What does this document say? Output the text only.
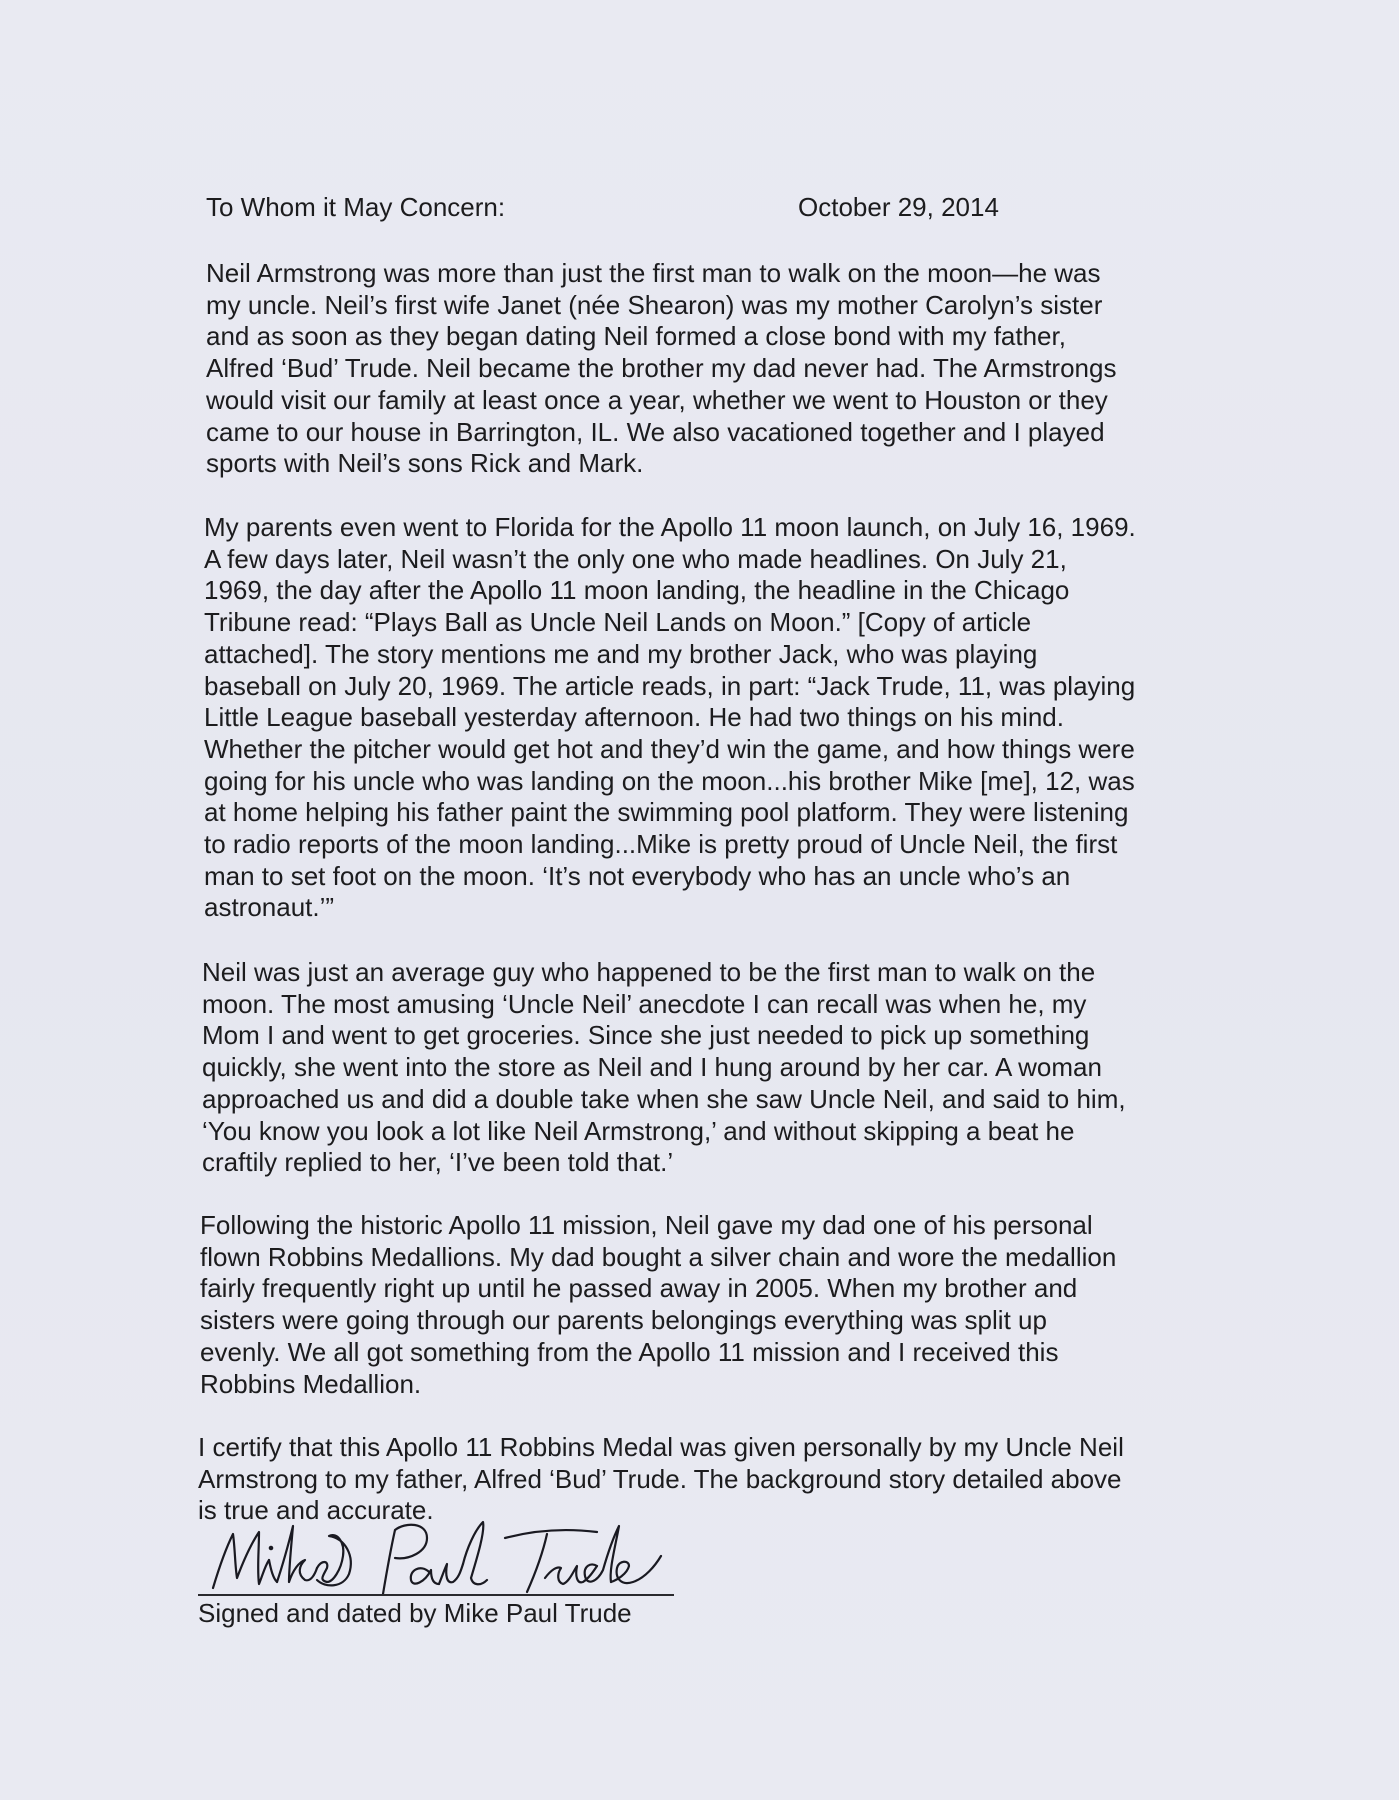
To Whom it May Concern:	October 29, 2014

Neil Armstrong was more than just the first man to walk on the moon—he was
my uncle. Neil’s first wife Janet (née Shearon) was my mother Carolyn’s sister
and as soon as they began dating Neil formed a close bond with my father,
Alfred ‘Bud’ Trude. Neil became the brother my dad never had. The Armstrongs
would visit our family at least once a year, whether we went to Houston or they
came to our house in Barrington, IL. We also vacationed together and I played
sports with Neil’s sons Rick and Mark.

My parents even went to Florida for the Apollo 11 moon launch, on July 16, 1969.
A few days later, Neil wasn’t the only one who made headlines. On July 21,
1969, the day after the Apollo 11 moon landing, the headline in the Chicago
Tribune read: “Plays Ball as Uncle Neil Lands on Moon.” [Copy of article
attached]. The story mentions me and my brother Jack, who was playing
baseball on July 20, 1969. The article reads, in part: “Jack Trude, 11, was playing
Little League baseball yesterday afternoon. He had two things on his mind.
Whether the pitcher would get hot and they’d win the game, and how things were
going for his uncle who was landing on the moon...his brother Mike [me], 12, was
at home helping his father paint the swimming pool platform. They were listening
to radio reports of the moon landing...Mike is pretty proud of Uncle Neil, the first
man to set foot on the moon. ‘It’s not everybody who has an uncle who’s an
astronaut.’”

Neil was just an average guy who happened to be the first man to walk on the
moon. The most amusing ‘Uncle Neil’ anecdote I can recall was when he, my
Mom I and went to get groceries. Since she just needed to pick up something
quickly, she went into the store as Neil and I hung around by her car. A woman
approached us and did a double take when she saw Uncle Neil, and said to him,
‘You know you look a lot like Neil Armstrong,’ and without skipping a beat he
craftily replied to her, ‘I’ve been told that.’

Following the historic Apollo 11 mission, Neil gave my dad one of his personal
flown Robbins Medallions. My dad bought a silver chain and wore the medallion
fairly frequently right up until he passed away in 2005. When my brother and
sisters were going through our parents belongings everything was split up
evenly. We all got something from the Apollo 11 mission and I received this
Robbins Medallion.

I certify that this Apollo 11 Robbins Medal was given personally by my Uncle Neil
Armstrong to my father, Alfred ‘Bud’ Trude. The background story detailed above
is true and accurate.

Signed and dated by Mike Paul Trude
